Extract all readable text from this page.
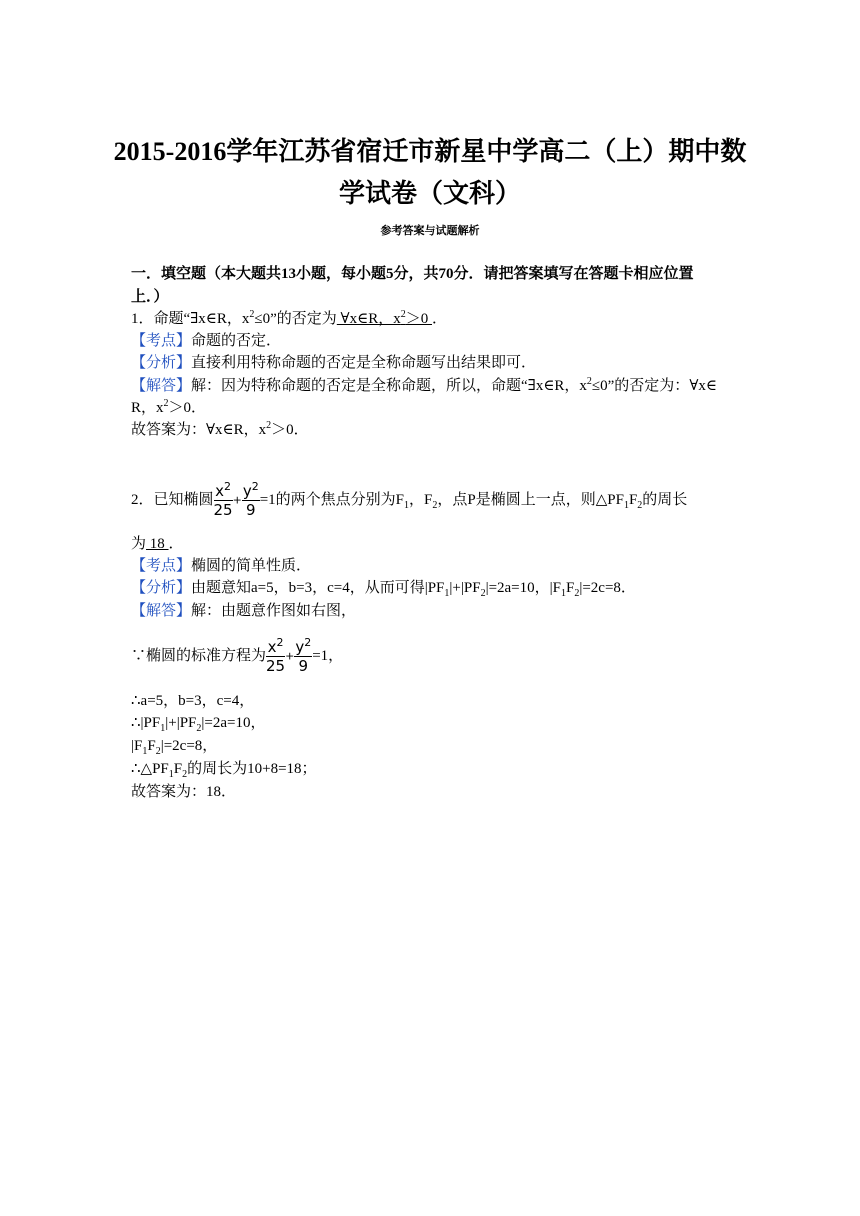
2015-2016学年江苏省宿迁市新星中学高二（上）期中数
学试卷（文科）
参考答案与试题解析
一．填空题（本大题共13小题，每小题5分，共70分．请把答案填写在答题卡相应位置
上．）
1．命题“∃x∈R，$x^2\le 0$”的否定为 ∀x∈R，$x^2>0$ ．
【考点】命题的否定．
【分析】直接利用特称命题的否定是全称命题写出结果即可．
【解答】解：因为特称命题的否定是全称命题，所以，命题“∃x∈R，$x^2\le 0$”的否定为：∀x∈
R，$x^2>0$．
故答案为：∀x∈R，$x^2>0$．
2．已知椭圆 $\frac{x^2}{25} + \frac{y^2}{9} =1$的两个焦点分别为$F_1$，$F_2$，点P是椭圆上一点，则$\triangle PF_1F_2$的周长
为 18 ．
【考点】椭圆的简单性质．
【分析】由题意知a=5，b=3，c=4，从而可得$|PF_1|+|PF_2|=2a=10$，$|F_1F_2|=2c=8$．
【解答】解：由题意作图如右图，
∵椭圆的标准方程为 $\frac{x^2}{25} + \frac{y^2}{9} =1$，
∴a=5，b=3，c=4，
$\therefore|PF_1|+|PF_2|=2a=10$，
$|F_1F_2|=2c=8$，
$\therefore\triangle PF_1F_2$的周长为10+8=18；
故答案为：18．
